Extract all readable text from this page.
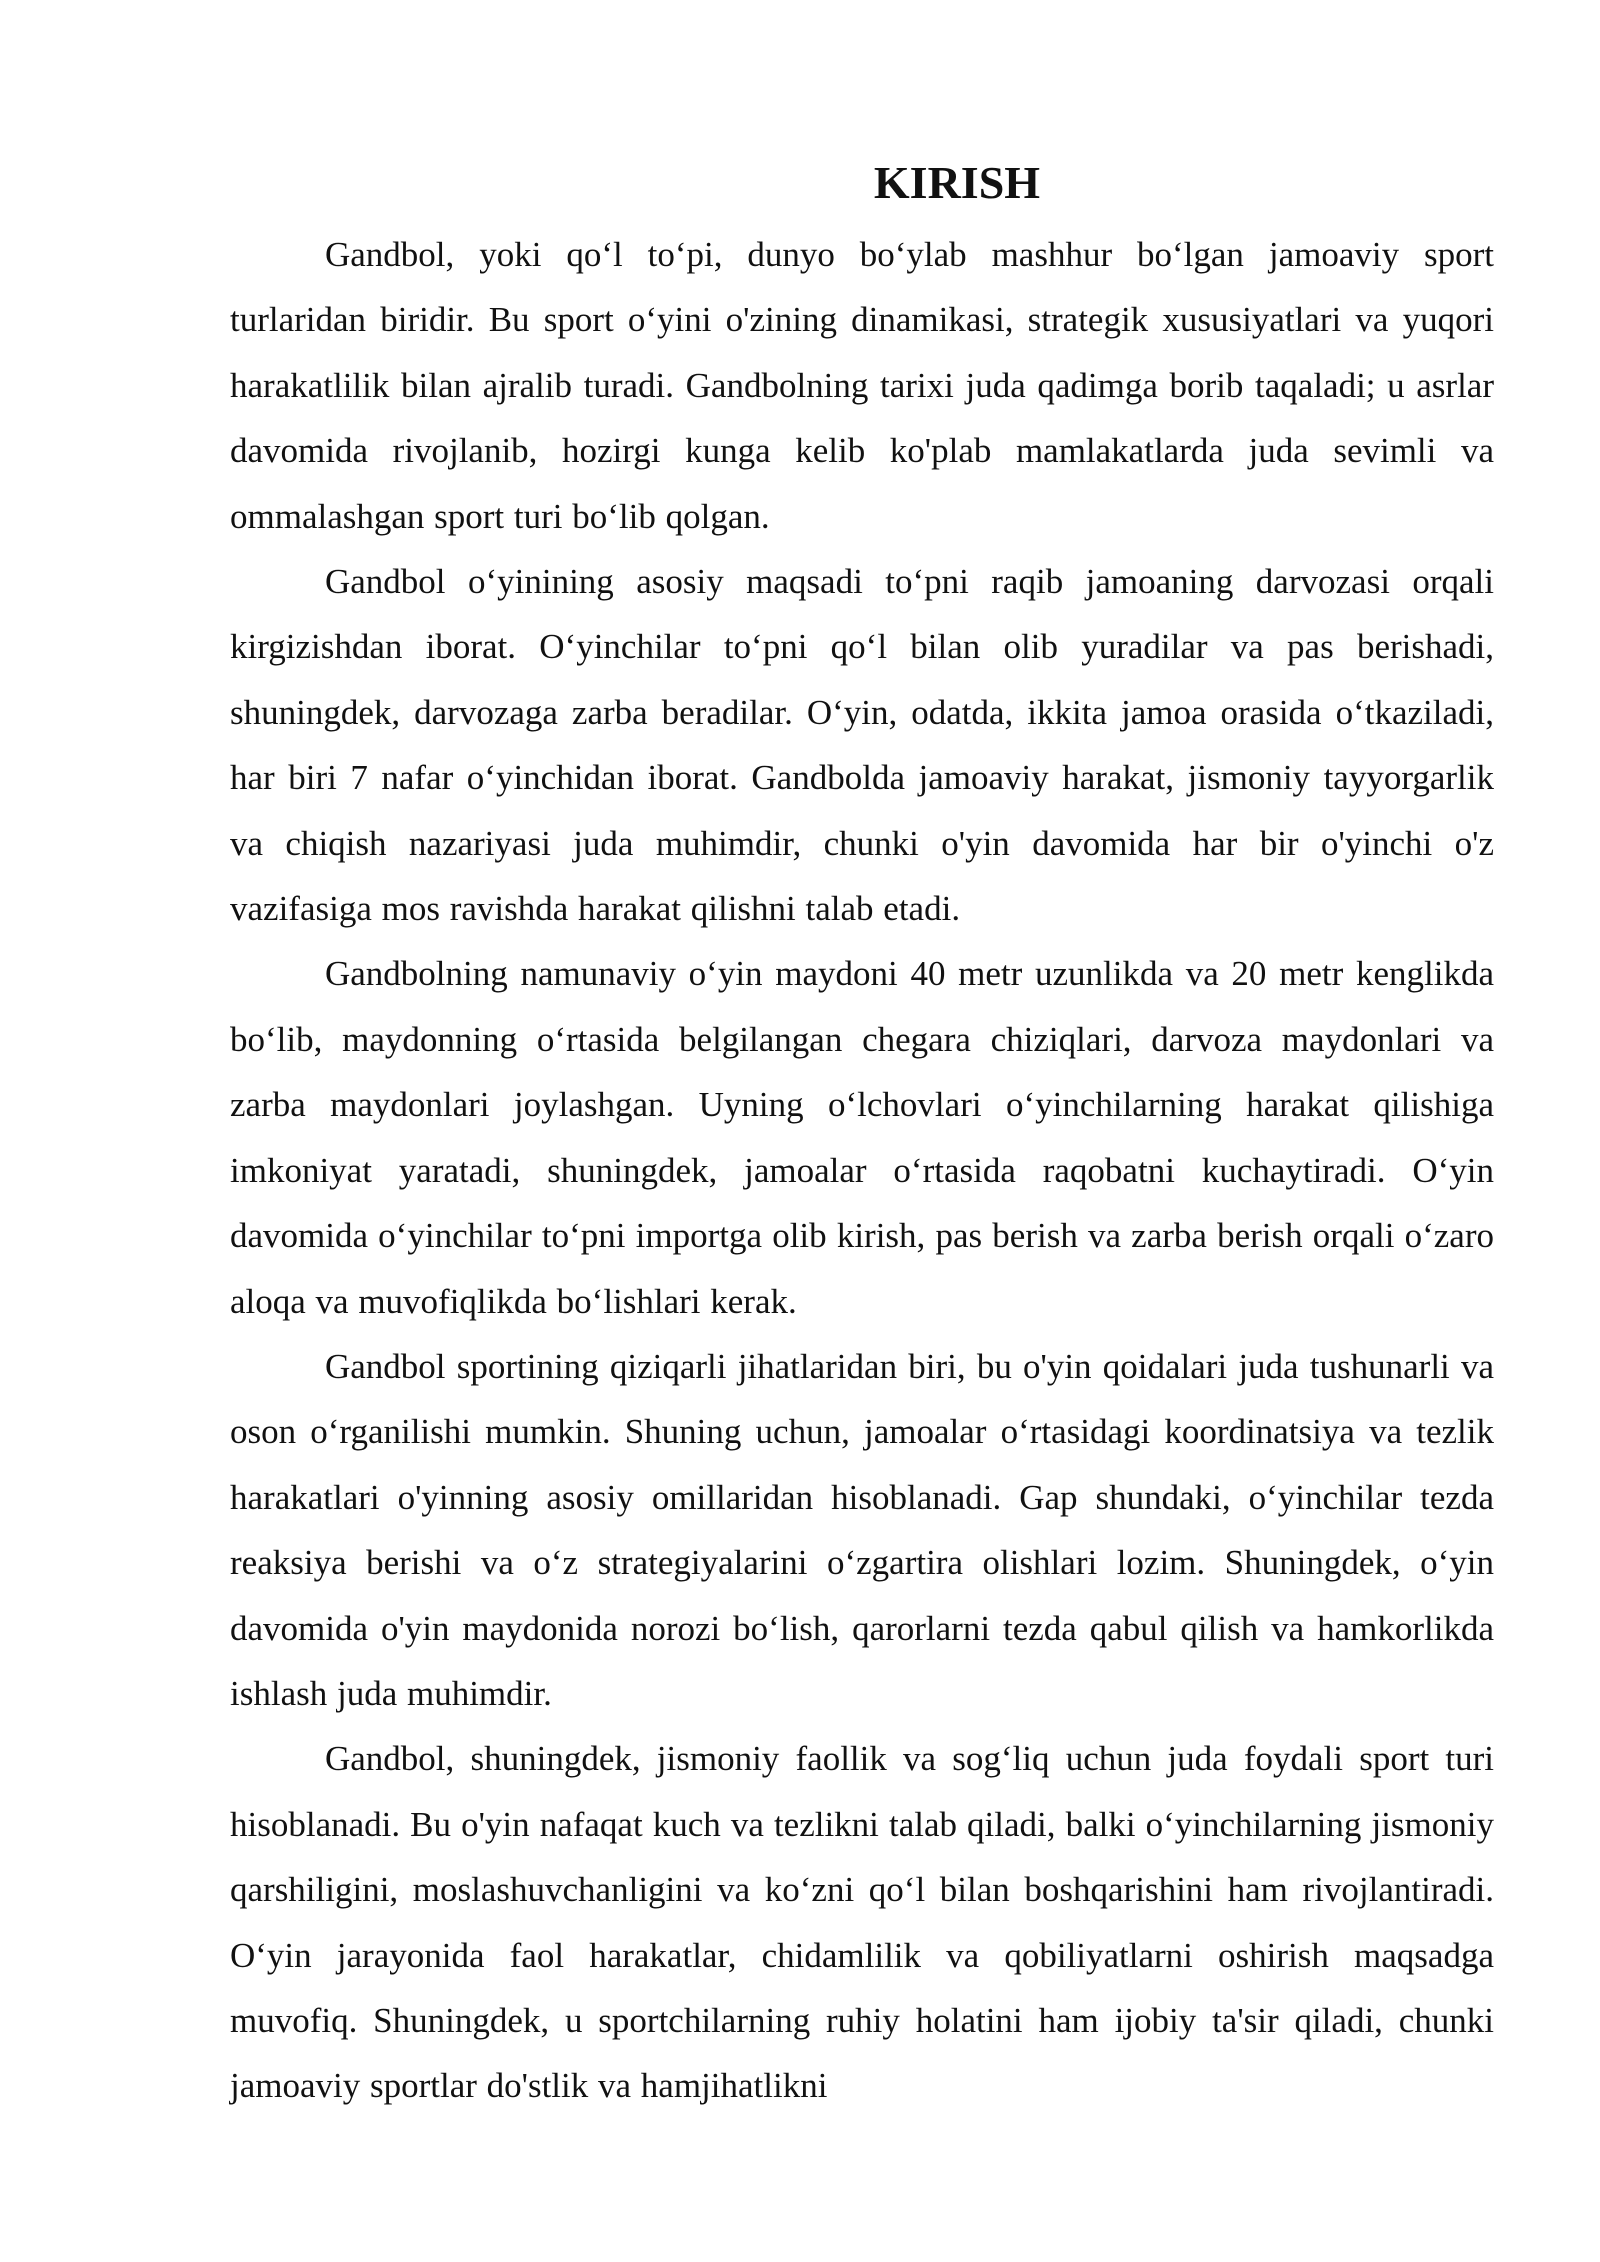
KIRISH

Gandbol, yoki qo‘l to‘pi, dunyo bo‘ylab mashhur bo‘lgan jamoaviy sport turlaridan biridir. Bu sport o‘yini o'zining dinamikasi, strategik xususiyatlari va yuqori harakatlilik bilan ajralib turadi. Gandbolning tarixi juda qadimga borib taqaladi; u asrlar davomida rivojlanib, hozirgi kunga kelib ko'plab mamlakatlarda juda sevimli va ommalashgan sport turi bo‘lib qolgan.

Gandbol o‘yinining asosiy maqsadi to‘pni raqib jamoaning darvozasi orqali kirgizishdan iborat. O‘yinchilar to‘pni qo‘l bilan olib yuradilar va pas berishadi, shuningdek, darvozaga zarba beradilar. O‘yin, odatda, ikkita jamoa orasida o‘tkaziladi, har biri 7 nafar o‘yinchidan iborat. Gandbolda jamoaviy harakat, jismoniy tayyorgarlik va chiqish nazariyasi juda muhimdir, chunki o'yin davomida har bir o'yinchi o'z vazifasiga mos ravishda harakat qilishni talab etadi.

Gandbolning namunaviy o‘yin maydoni 40 metr uzunlikda va 20 metr kenglikda bo‘lib, maydonning o‘rtasida belgilangan chegara chiziqlari, darvoza maydonlari va zarba maydonlari joylashgan. Uyning o‘lchovlari o‘yinchilarning harakat qilishiga imkoniyat yaratadi, shuningdek, jamoalar o‘rtasida raqobatni kuchaytiradi. O‘yin davomida o‘yinchilar to‘pni importga olib kirish, pas berish va zarba berish orqali o‘zaro aloqa va muvofiqlikda bo‘lishlari kerak.

Gandbol sportining qiziqarli jihatlaridan biri, bu o'yin qoidalari juda tushunarli va oson o‘rganilishi mumkin. Shuning uchun, jamoalar o‘rtasidagi koordinatsiya va tezlik harakatlari o'yinning asosiy omillaridan hisoblanadi. Gap shundaki, o‘yinchilar tezda reaksiya berishi va o‘z strategiyalarini o‘zgartira olishlari lozim. Shuningdek, o‘yin davomida o'yin maydonida norozi bo‘lish, qarorlarni tezda qabul qilish va hamkorlikda ishlash juda muhimdir.

Gandbol, shuningdek, jismoniy faollik va sog‘liq uchun juda foydali sport turi hisoblanadi. Bu o'yin nafaqat kuch va tezlikni talab qiladi, balki o‘yinchilarning jismoniy qarshiligini, moslashuvchanligini va ko‘zni qo‘l bilan boshqarishini ham rivojlantiradi. O‘yin jarayonida faol harakatlar, chidamlilik va qobiliyatlarni oshirish maqsadga muvofiq. Shuningdek, u sportchilarning ruhiy holatini ham ijobiy ta'sir qiladi, chunki jamoaviy sportlar do'stlik va hamjihatlikni
